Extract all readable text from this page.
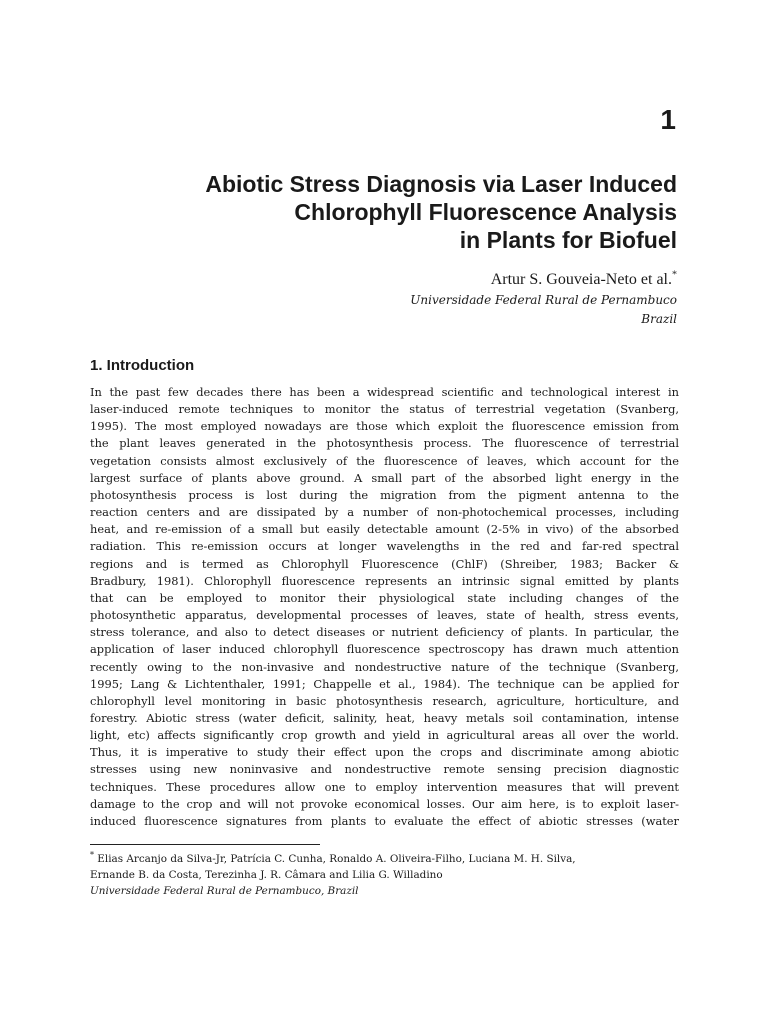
1
Abiotic Stress Diagnosis via Laser Induced
Chlorophyll Fluorescence Analysis
in Plants for Biofuel
Artur S. Gouveia-Neto et al.*
Universidade Federal Rural de Pernambuco
Brazil
1. Introduction
In the past few decades there has been a widespread scientific and technological interest in
laser-induced remote techniques to monitor the status of terrestrial vegetation (Svanberg,
1995). The most employed nowadays are those which exploit the fluorescence emission from
the plant leaves generated in the photosynthesis process. The fluorescence of terrestrial
vegetation consists almost exclusively of the fluorescence of leaves, which account for the
largest surface of plants above ground. A small part of the absorbed light energy in the
photosynthesis process is lost during the migration from the pigment antenna to the
reaction centers and are dissipated by a number of non-photochemical processes, including
heat, and re-emission of a small but easily detectable amount (2-5% in vivo) of the absorbed
radiation. This re-emission occurs at longer wavelengths in the red and far-red spectral
regions and is termed as Chlorophyll Fluorescence (ChlF) (Shreiber, 1983; Backer &
Bradbury, 1981). Chlorophyll fluorescence represents an intrinsic signal emitted by plants
that can be employed to monitor their physiological state including changes of the
photosynthetic apparatus, developmental processes of leaves, state of health, stress events,
stress tolerance, and also to detect diseases or nutrient deficiency of plants. In particular, the
application of laser induced chlorophyll fluorescence spectroscopy has drawn much attention
recently owing to the non-invasive and nondestructive nature of the technique (Svanberg,
1995; Lang & Lichtenthaler, 1991; Chappelle et al., 1984). The technique can be applied for
chlorophyll level monitoring in basic photosynthesis research, agriculture, horticulture, and
forestry. Abiotic stress (water deficit, salinity, heat, heavy metals soil contamination, intense
light, etc) affects significantly crop growth and yield in agricultural areas all over the world.
Thus, it is imperative to study their effect upon the crops and discriminate among abiotic
stresses using new noninvasive and nondestructive remote sensing precision diagnostic
techniques. These procedures allow one to employ intervention measures that will prevent
damage to the crop and will not provoke economical losses. Our aim here, is to exploit laser-
induced fluorescence signatures from plants to evaluate the effect of abiotic stresses (water
* Elias Arcanjo da Silva-Jr, Patrícia C. Cunha, Ronaldo A. Oliveira-Filho, Luciana M. H. Silva,
Ernande B. da Costa, Terezinha J. R. Câmara and Lilia G. Willadino
Universidade Federal Rural de Pernambuco, Brazil
